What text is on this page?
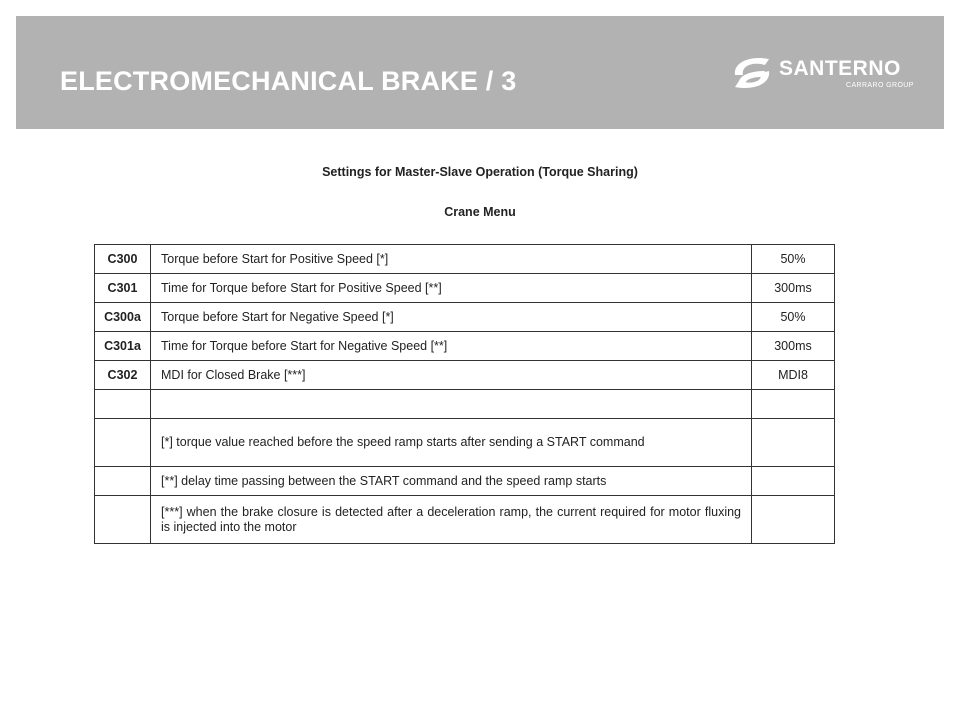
ELECTROMECHANICAL BRAKE / 3	SANTERNO
CARRARO GROUP
Settings for Master-Slave Operation (Torque Sharing)
Crane Menu
C300	Torque before Start for Positive Speed [*]	50%
C301	Time for Torque before Start for Positive Speed [**]	300ms
C300a	Torque before Start for Negative Speed [*]	50%
C301a	Time for Torque before Start for Negative Speed [**]	300ms
C302	MDI for Closed Brake [***]	MDI8

	[*] torque value reached before the speed ramp starts after sending a START command	
	[**] delay time passing between the START command and the speed ramp starts	
	[***] when the brake closure is detected after a deceleration ramp, the current required for motor fluxing is injected into the motor	
